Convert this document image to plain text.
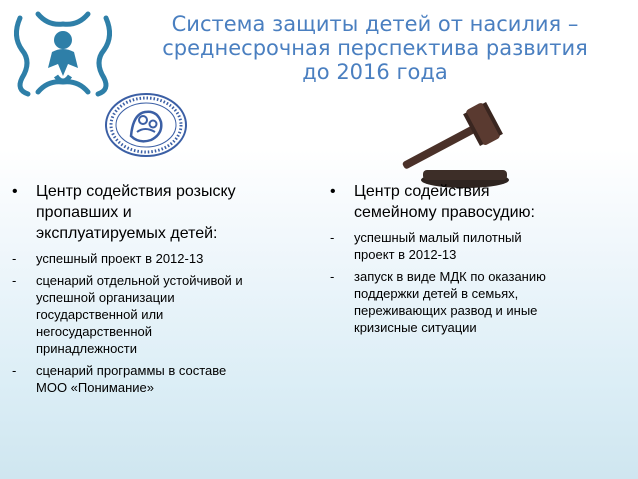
Система защиты детей от насилия –
среднесрочная перспектива развития
до 2016 года
•	Центр содействия розыску
пропавших и
эксплуатируемых детей:
-	успешный проект в 2012-13
-	сценарий отдельной устойчивой и
успешной организации
государственной или
негосударственной
принадлежности
-	сценарий программы в составе
МОО «Понимание»
•	Центр содействия
семейному правосудию:
-	успешный малый пилотный
проект в 2012-13
-	запуск в виде МДК по оказанию
поддержки детей в семьях,
переживающих развод и иные
кризисные ситуации
